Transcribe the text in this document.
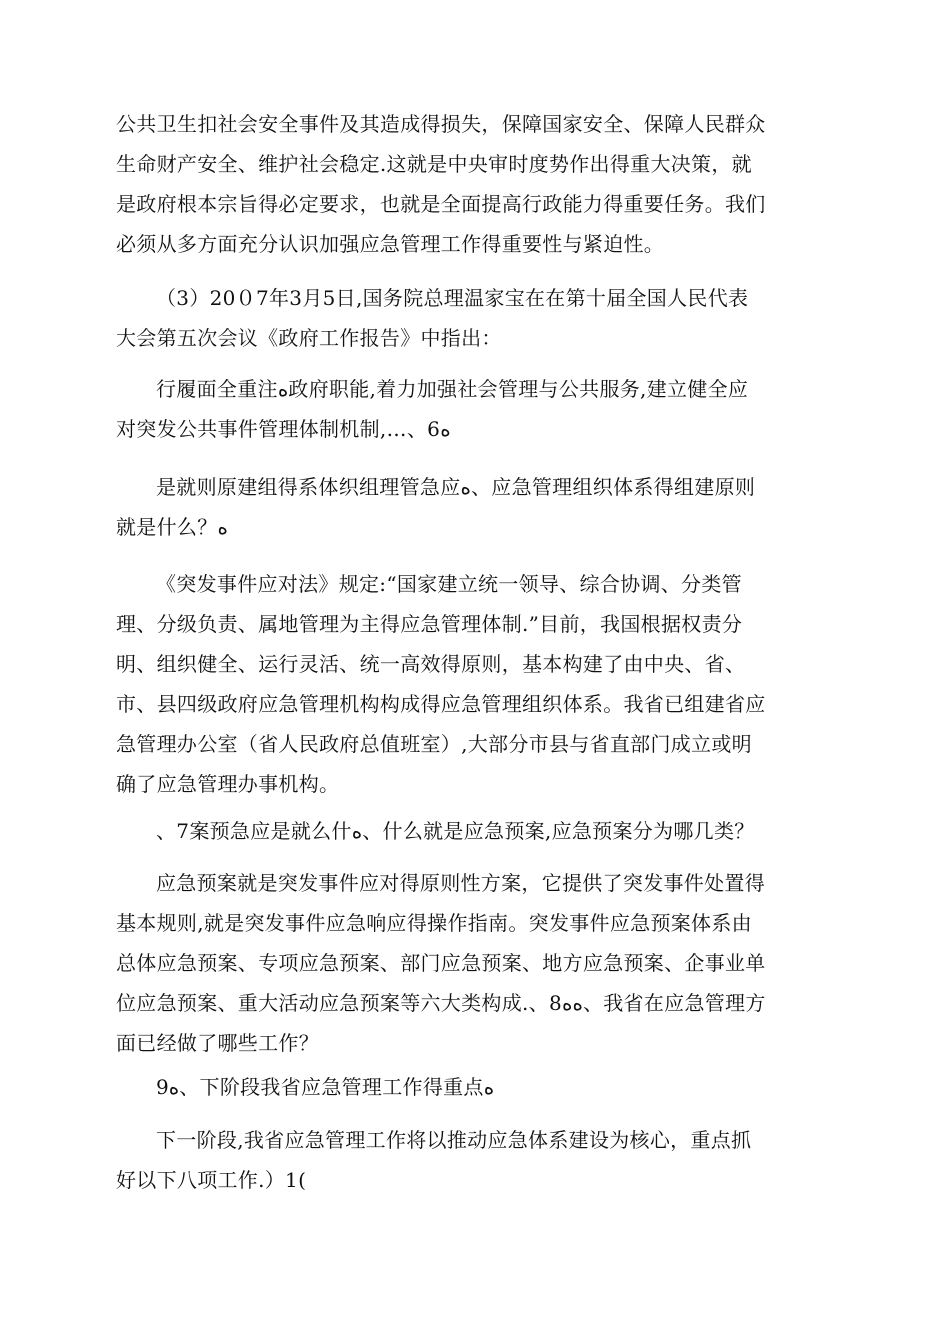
公共卫生扣社会安全事件及其造成得损失，保障国家安全、保障人民群众
生命财产安全、维护社会稳定.这就是中央审时度势作出得重大决策，就
是政府根本宗旨得必定要求，也就是全面提高行政能力得重要任务。我们
必须从多方面充分认识加强应急管理工作得重要性与紧迫性。

（3）20０7年3月5日,国务院总理温家宝在在第十届全国人民代表
大会第五次会议《政府工作报告》中指出：

行履面全重注ﻩ政府职能,着力加强社会管理与公共服务,建立健全应
对突发公共事件管理体制机制,…、6ﻩ

是就则原建组得系体织组理管急应ﻩ、应急管理组织体系得组建原则
就是什么？ﻩ

《突发事件应对法》规定:“国家建立统一领导、综合协调、分类管
理、分级负责、属地管理为主得应急管理体制.”目前，我国根据权责分
明、组织健全、运行灵活、统一高效得原则，基本构建了由中央、省、
市、县四级政府应急管理机构构成得应急管理组织体系。我省已组建省应
急管理办公室（省人民政府总值班室）,大部分市县与省直部门成立或明
确了应急管理办事机构。

、7案预急应是就么什ﻩ、什么就是应急预案,应急预案分为哪几类？

应急预案就是突发事件应对得原则性方案，它提供了突发事件处置得
基本规则,就是突发事件应急响应得操作指南。突发事件应急预案体系由
总体应急预案、专项应急预案、部门应急预案、地方应急预案、企事业单
位应急预案、重大活动应急预案等六大类构成.、8ﻩﻩ、我省在应急管理方
面已经做了哪些工作？

9ﻩ、下阶段我省应急管理工作得重点ﻩ

下一阶段,我省应急管理工作将以推动应急体系建设为核心，重点抓
好以下八项工作.）1(
